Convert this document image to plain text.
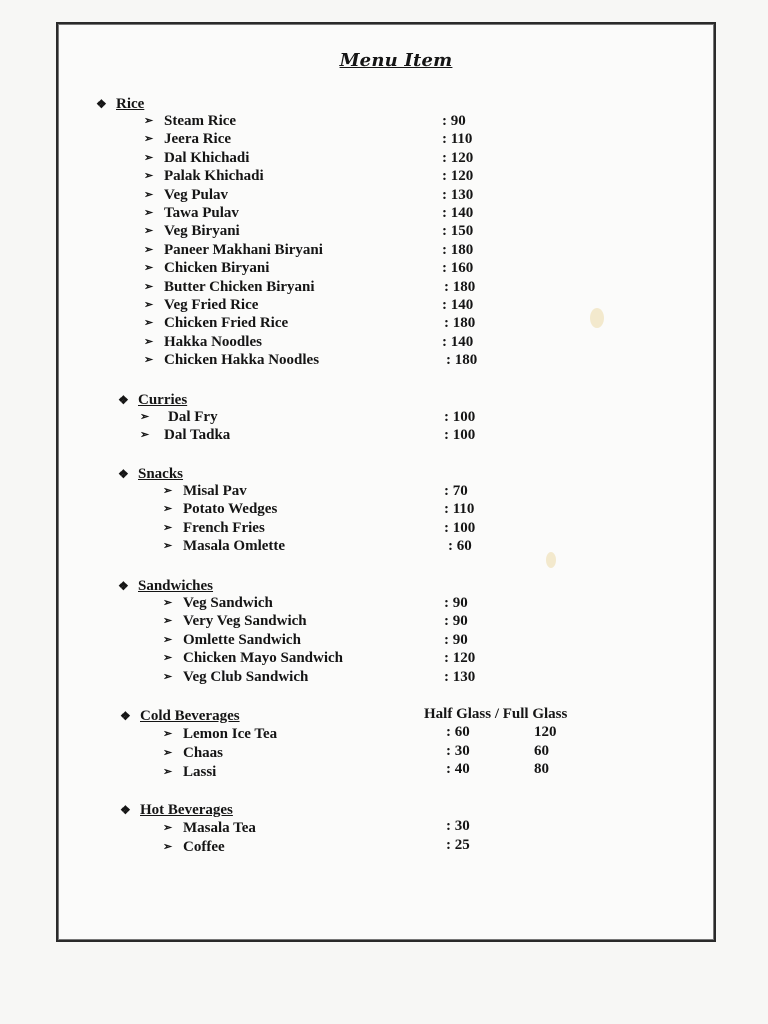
Menu Item
❖ Rice
➢ Steam Rice	: 90
➢ Jeera Rice	: 110
➢ Dal Khichadi	: 120
➢ Palak Khichadi	: 120
➢ Veg Pulav	: 130
➢ Tawa Pulav	: 140
➢ Veg Biryani	: 150
➢ Paneer Makhani Biryani	: 180
➢ Chicken Biryani	: 160
➢ Butter Chicken Biryani	: 180
➢ Veg Fried Rice	: 140
➢ Chicken Fried Rice	: 180
➢ Hakka Noodles	: 140
➢ Chicken Hakka Noodles	: 180
❖ Curries
➢ Dal Fry	: 100
➢ Dal Tadka	: 100
❖ Snacks
➢ Misal Pav	: 70
➢ Potato Wedges	: 110
➢ French Fries	: 100
➢ Masala Omlette	: 60
❖ Sandwiches
➢ Veg Sandwich	: 90
➢ Very Veg Sandwich	: 90
➢ Omlette Sandwich	: 90
➢ Chicken Mayo Sandwich	: 120
➢ Veg Club Sandwich	: 130
❖ Cold Beverages	Half Glass / Full Glass
➢ Lemon Ice Tea	: 60	120
➢ Chaas	: 30	60
➢ Lassi	: 40	80
❖ Hot Beverages
➢ Masala Tea	: 30
➢ Coffee	: 25
